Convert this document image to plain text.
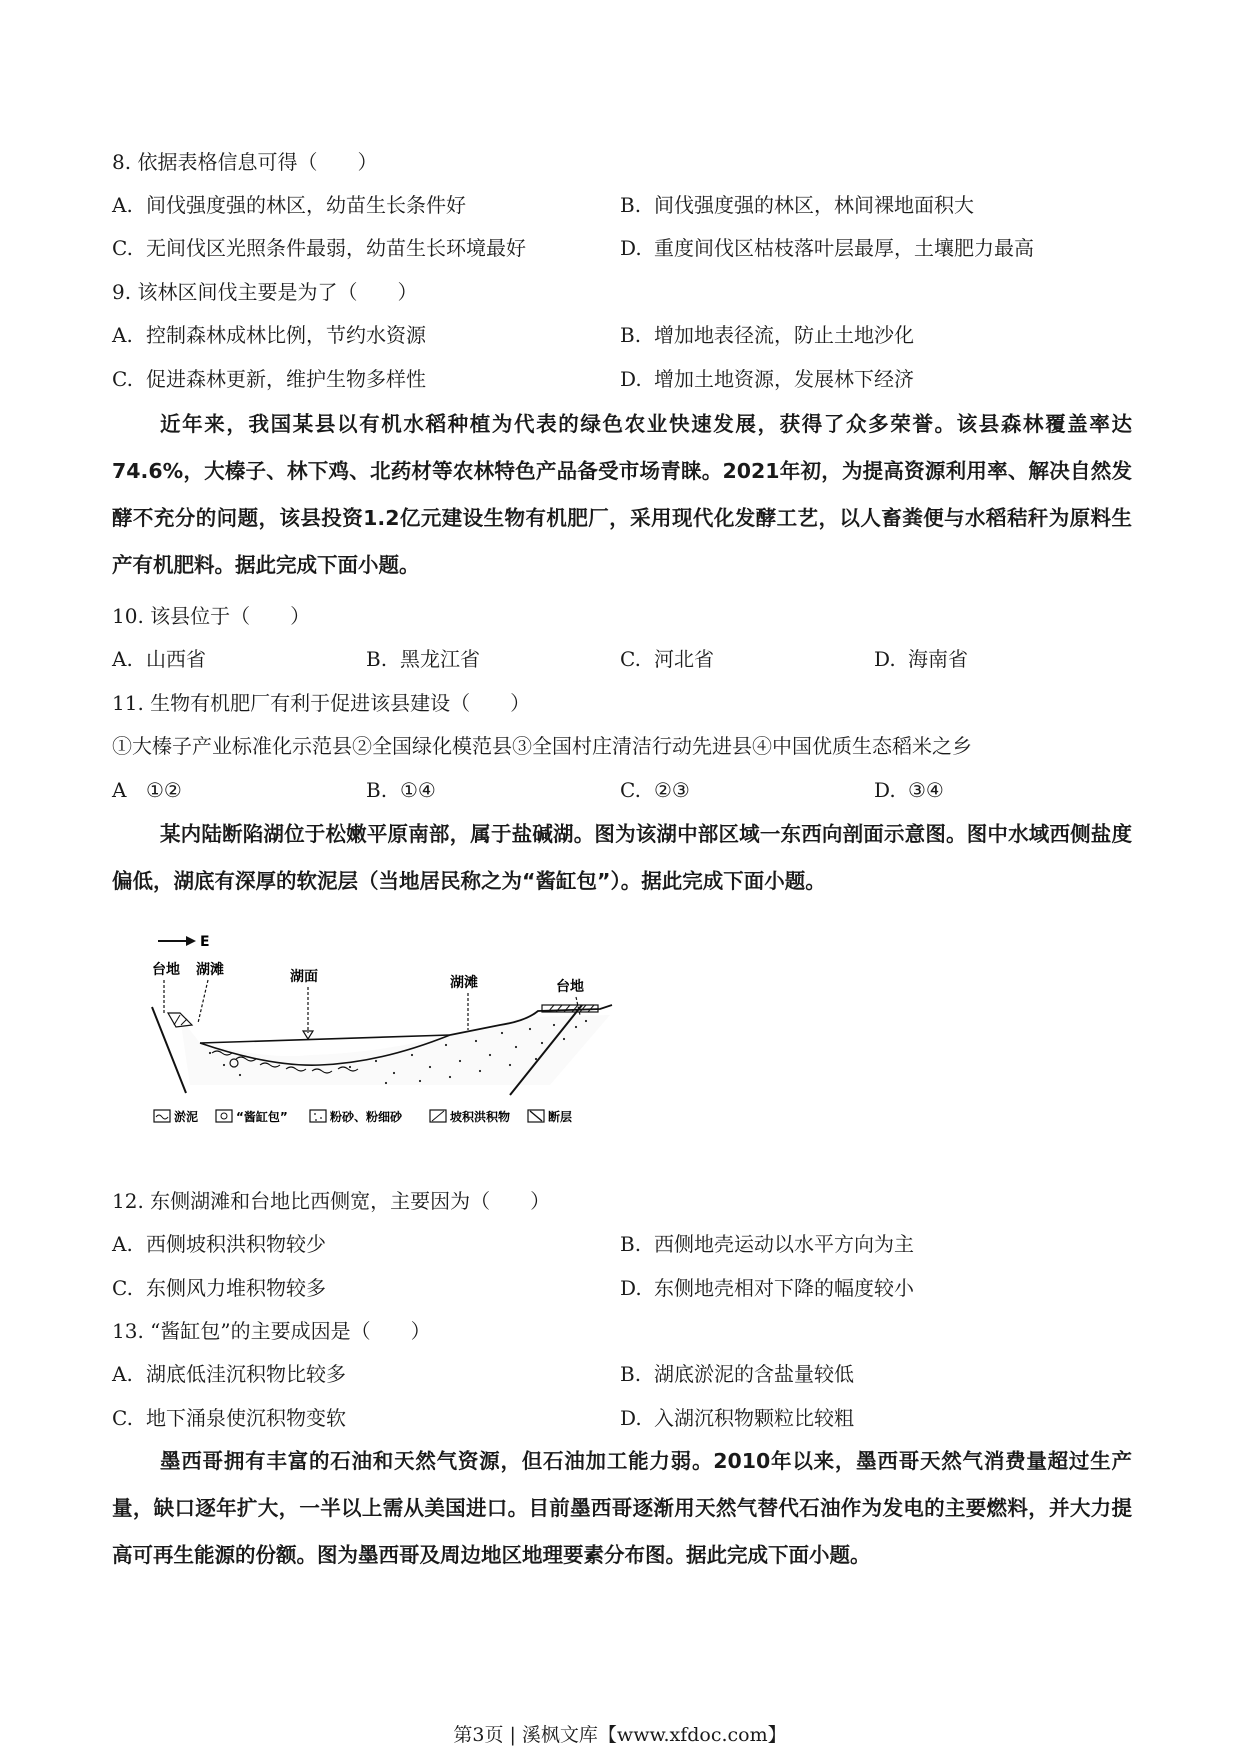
8. 依据表格信息可得（　　）
A. 间伐强度强的林区，幼苗生长条件好	B. 间伐强度强的林区，林间裸地面积大
C. 无间伐区光照条件最弱，幼苗生长环境最好	D. 重度间伐区枯枝落叶层最厚，土壤肥力最高
9. 该林区间伐主要是为了（　　）
A. 控制森林成林比例，节约水资源	B. 增加地表径流，防止土地沙化
C. 促进森林更新，维护生物多样性	D. 增加土地资源，发展林下经济
近年来，我国某县以有机水稻种植为代表的绿色农业快速发展，获得了众多荣誉。该县森林覆盖率达74.6%，大榛子、林下鸡、北药材等农林特色产品备受市场青睐。2021年初，为提高资源利用率、解决自然发酵不充分的问题，该县投资1.2亿元建设生物有机肥厂，采用现代化发酵工艺，以人畜粪便与水稻秸秆为原料生产有机肥料。据此完成下面小题。
10. 该县位于（　　）
A. 山西省	B. 黑龙江省	C. 河北省	D. 海南省
11. 生物有机肥厂有利于促进该县建设（　　）
①大榛子产业标准化示范县②全国绿化模范县③全国村庄清洁行动先进县④中国优质生态稻米之乡
A ①②	B. ①④	C. ②③	D. ③④
某内陆断陷湖位于松嫩平原南部，属于盐碱湖。图为该湖中部区域一东西向剖面示意图。图中水域西侧盐度偏低，湖底有深厚的软泥层（当地居民称之为“酱缸包”）。据此完成下面小题。
E
台地 湖滩	湖面	湖滩	台地
淤泥	“酱缸包”	粉砂、粉细砂	坡积洪积物	断层
12. 东侧湖滩和台地比西侧宽，主要因为（　　）
A. 西侧坡积洪积物较少	B. 西侧地壳运动以水平方向为主
C. 东侧风力堆积物较多	D. 东侧地壳相对下降的幅度较小
13. “酱缸包”的主要成因是（　　）
A. 湖底低洼沉积物比较多	B. 湖底淤泥的含盐量较低
C. 地下涌泉使沉积物变软	D. 入湖沉积物颗粒比较粗
墨西哥拥有丰富的石油和天然气资源，但石油加工能力弱。2010年以来，墨西哥天然气消费量超过生产量，缺口逐年扩大，一半以上需从美国进口。目前墨西哥逐渐用天然气替代石油作为发电的主要燃料，并大力提高可再生能源的份额。图为墨西哥及周边地区地理要素分布图。据此完成下面小题。
第3页 | 溪枫文库【www.xfdoc.com】
